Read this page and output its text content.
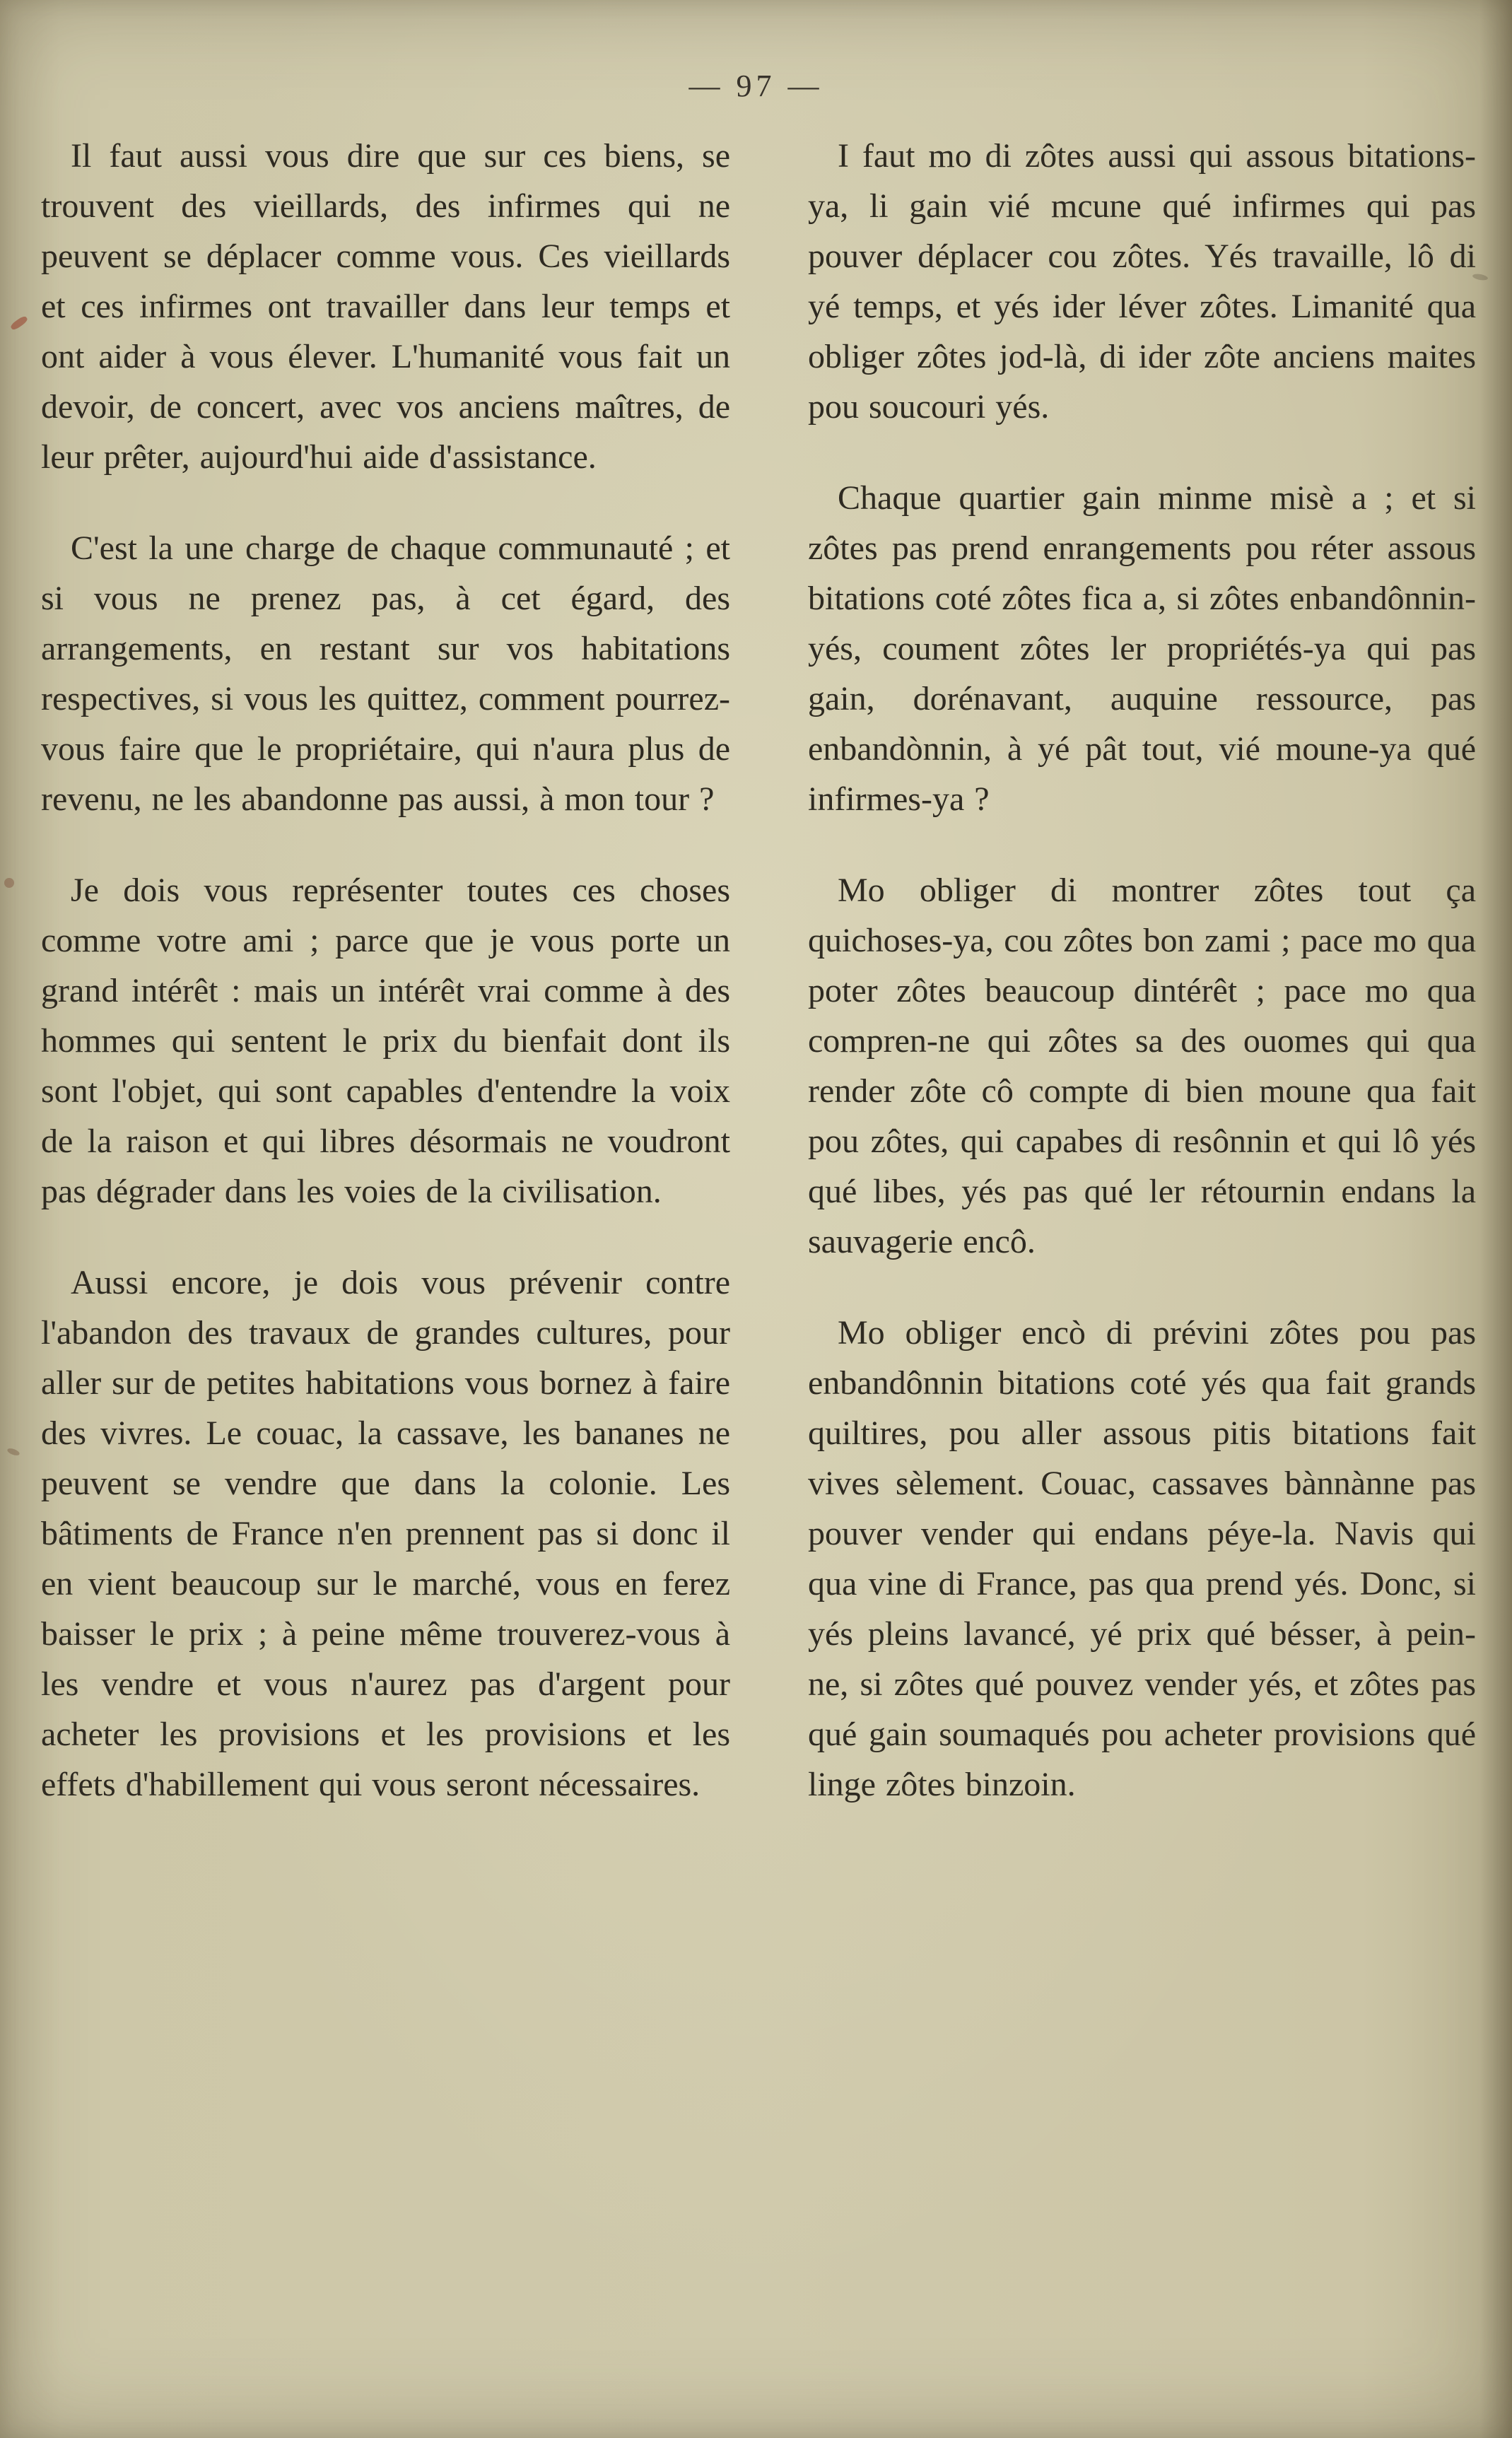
— 97 —

Il faut aussi vous dire que sur ces biens, se trouvent des vieillards, des infirmes qui ne peuvent se déplacer comme vous. Ces vieillards et ces infirmes ont travailler dans leur temps et ont aider à vous élever. L'humanité vous fait un devoir, de concert, avec vos anciens maîtres, de leur prêter, aujourd'hui aide d'assistance.

C'est la une charge de chaque communauté ; et si vous ne prenez pas, à cet égard, des arrangements, en restant sur vos habitations respectives, si vous les quittez, comment pourrez-vous faire que le propriétaire, qui n'aura plus de revenu, ne les abandonne pas aussi, à mon tour ?

Je dois vous représenter toutes ces choses comme votre ami ; parce que je vous porte un grand intérêt : mais un intérêt vrai comme à des hommes qui sentent le prix du bienfait dont ils sont l'objet, qui sont capables d'entendre la voix de la raison et qui libres désormais ne voudront pas dégrader dans les voies de la civilisation.

Aussi encore, je dois vous prévenir contre l'abandon des travaux de grandes cultures, pour aller sur de petites habitations vous bornez à faire des vivres. Le couac, la cassave, les bananes ne peuvent se vendre que dans la colonie. Les bâtiments de France n'en prennent pas si donc il en vient beaucoup sur le marché, vous en ferez baisser le prix ; à peine même trouverez-vous à les vendre et vous n'aurez pas d'argent pour acheter les provisions et les provisions et les effets d'habillement qui vous seront nécessaires.

I faut mo di zôtes aussi qui assous bitations-ya, li gain vié mcune qué infirmes qui pas pouver déplacer cou zôtes. Yés travaille, lô di yé temps, et yés ider léver zôtes. Limanité qua obliger zôtes jod-là, di ider zôte anciens maites pou soucouri yés.

Chaque quartier gain minme misè a ; et si zôtes pas prend enrangements pou réter assous bitations coté zôtes fica a, si zôtes enbandônnin-yés, coument zôtes ler propriétés-ya qui pas gain, dorénavant, auquine ressource, pas enbandònnin, à yé pât tout, vié moune-ya qué infirmes-ya ?

Mo obliger di montrer zôtes tout ça quichoses-ya, cou zôtes bon zami ; pace mo qua poter zôtes beaucoup dintérêt ; pace mo qua compren-ne qui zôtes sa des ouomes qui qua render zôte cô compte di bien moune qua fait pou zôtes, qui capabes di resônnin et qui lô yés qué libes, yés pas qué ler rétournin endans la sauvagerie encô.

Mo obliger encò di prévini zôtes pou pas enbandônnin bitations coté yés qua fait grands quiltires, pou aller assous pitis bitations fait vives sèlement. Couac, cassaves bànnànne pas pouver vender qui endans péye-la. Navis qui qua vine di France, pas qua prend yés. Donc, si yés pleins lavancé, yé prix qué bésser, à pein-ne, si zôtes qué pouvez vender yés, et zôtes pas qué gain soumaqués pou acheter provisions qué linge zôtes binzoin.
